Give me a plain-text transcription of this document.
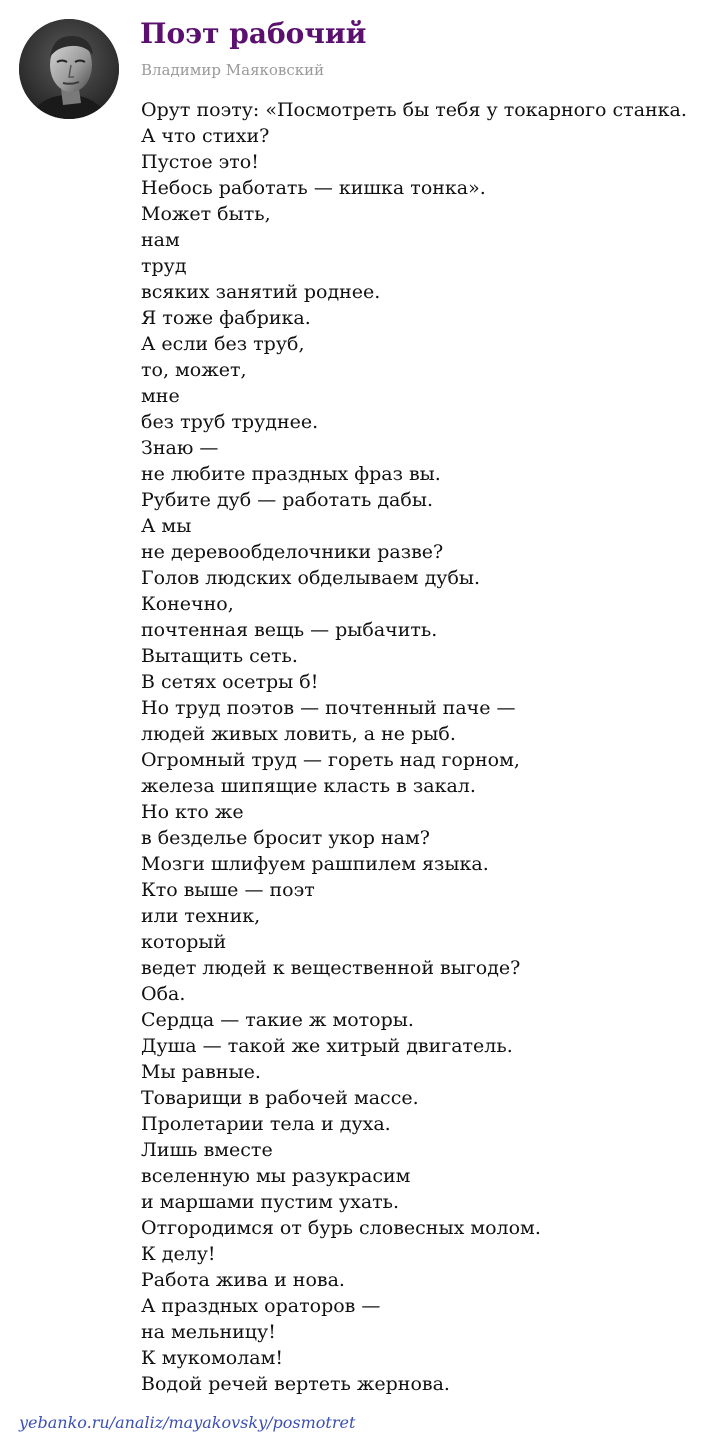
Поэт рабочий
Владимир Маяковский
Орут поэту: «Посмотреть бы тебя у токарного станка.
А что стихи?
Пустое это!
Небось работать — кишка тонка».
Может быть,
нам
труд
всяких занятий роднее.
Я тоже фабрика.
А если без труб,
то, может,
мне
без труб труднее.
Знаю —
не любите праздных фраз вы.
Рубите дуб — работать дабы.
А мы
не деревообделочники разве?
Голов людских обделываем дубы.
Конечно,
почтенная вещь — рыбачить.
Вытащить сеть.
В сетях осетры б!
Но труд поэтов — почтенный паче —
людей живых ловить, а не рыб.
Огромный труд — гореть над горном,
железа шипящие класть в закал.
Но кто же
в безделье бросит укор нам?
Мозги шлифуем рашпилем языка.
Кто выше — поэт
или техник,
который
ведет людей к вещественной выгоде?
Оба.
Сердца — такие ж моторы.
Душа — такой же хитрый двигатель.
Мы равные.
Товарищи в рабочей массе.
Пролетарии тела и духа.
Лишь вместе
вселенную мы разукрасим
и маршами пустим ухать.
Отгородимся от бурь словесных молом.
К делу!
Работа жива и нова.
А праздных ораторов —
на мельницу!
К мукомолам!
Водой речей вертеть жернова.
yebanko.ru/analiz/mayakovsky/posmotret
